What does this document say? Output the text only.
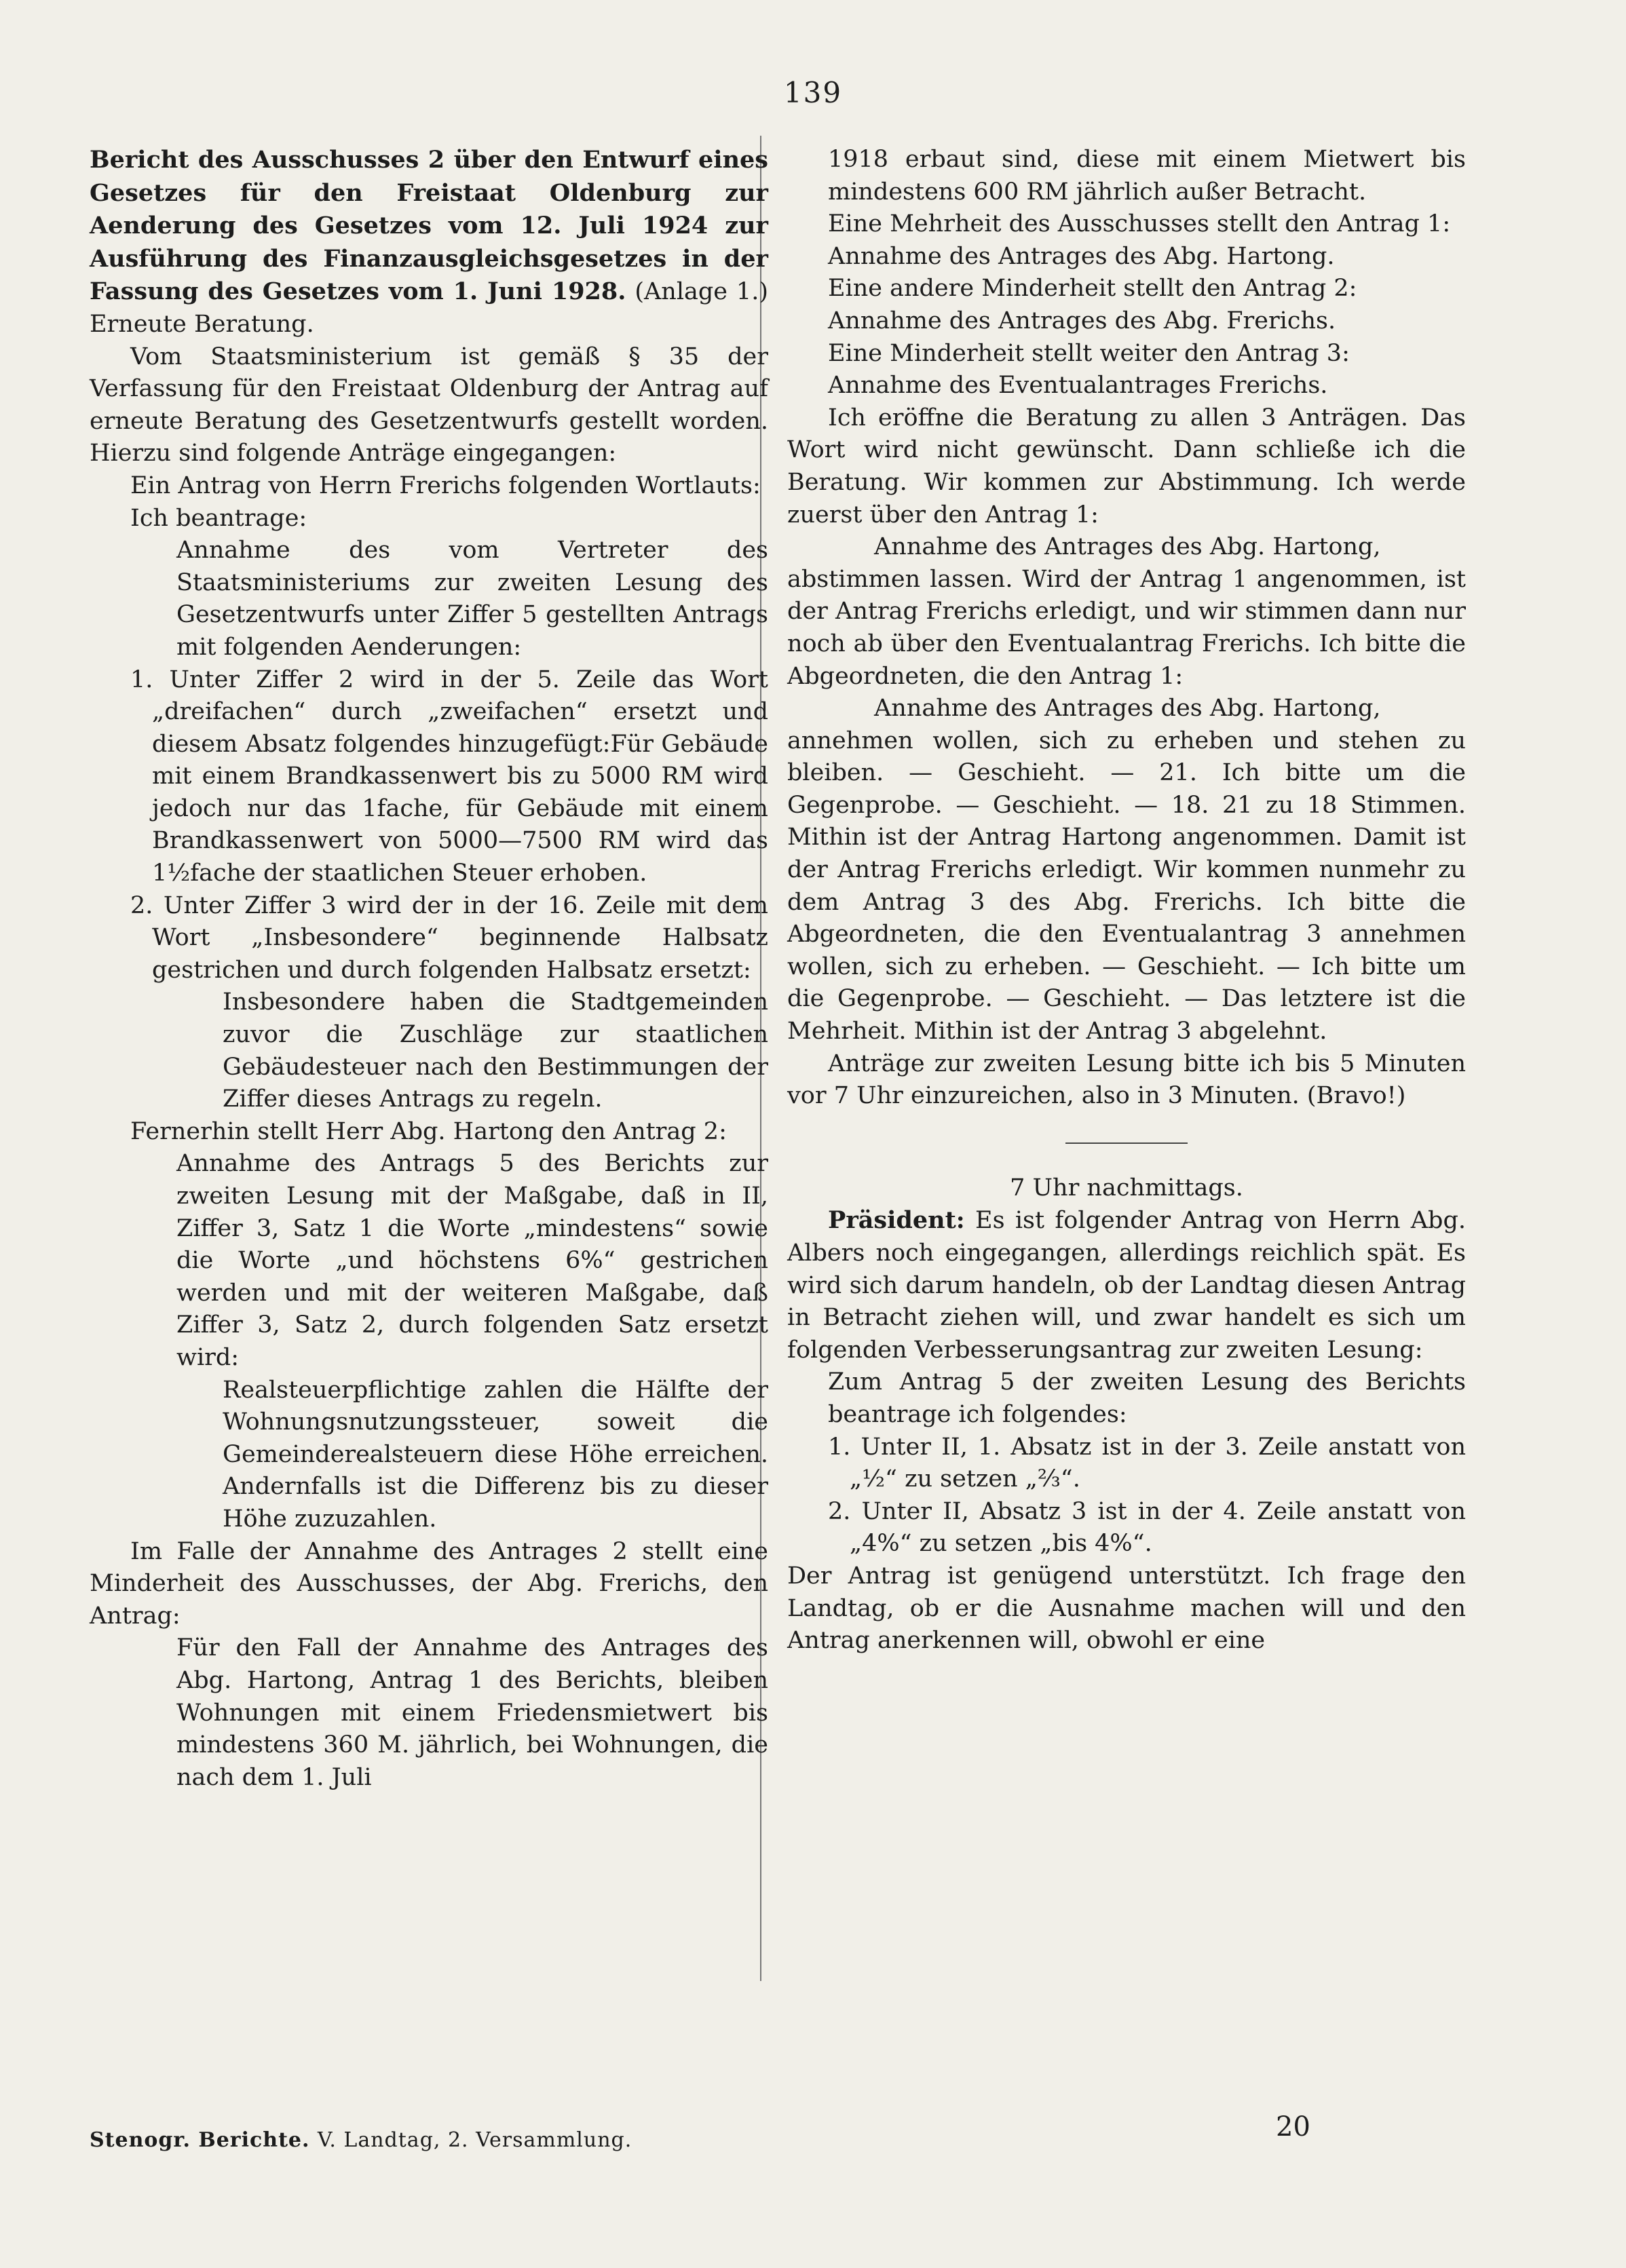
139

Bericht des Ausschusses 2 über den Entwurf eines Gesetzes für den Freistaat Oldenburg zur Aenderung des Gesetzes vom 12. Juli 1924 zur Ausführung des Finanzausgleichsgesetzes in der Fassung des Gesetzes vom 1. Juni 1928. (Anlage 1.) Erneute Beratung.

Vom Staatsministerium ist gemäß § 35 der Verfassung für den Freistaat Oldenburg der Antrag auf erneute Beratung des Gesetzentwurfs gestellt worden. Hierzu sind folgende Anträge eingegangen:

Ein Antrag von Herrn Frerichs folgenden Wortlauts:

Ich beantrage:

Annahme des vom Vertreter des Staatsministeriums zur zweiten Lesung des Gesetzentwurfs unter Ziffer 5 gestellten Antrags mit folgenden Aenderungen:

1. Unter Ziffer 2 wird in der 5. Zeile das Wort „dreifachen“ durch „zweifachen“ ersetzt und diesem Absatz folgendes hinzugefügt:Für Gebäude mit einem Brandkassenwert bis zu 5000 RM wird jedoch nur das 1fache, für Gebäude mit einem Brandkassenwert von 5000—7500 RM wird das 1½fache der staatlichen Steuer erhoben.

2. Unter Ziffer 3 wird der in der 16. Zeile mit dem Wort „Insbesondere“ beginnende Halbsatz gestrichen und durch folgenden Halbsatz ersetzt:

Insbesondere haben die Stadtgemeinden zuvor die Zuschläge zur staatlichen Gebäudesteuer nach den Bestimmungen der Ziffer dieses Antrags zu regeln.

Fernerhin stellt Herr Abg. Hartong den Antrag 2:

Annahme des Antrags 5 des Berichts zur zweiten Lesung mit der Maßgabe, daß in II, Ziffer 3, Satz 1 die Worte „mindestens“ sowie die Worte „und höchstens 6%“ gestrichen werden und mit der weiteren Maßgabe, daß Ziffer 3, Satz 2, durch folgenden Satz ersetzt wird:

Realsteuerpflichtige zahlen die Hälfte der Wohnungsnutzungssteuer, soweit die Gemeinderealsteuern diese Höhe erreichen. Andernfalls ist die Differenz bis zu dieser Höhe zuzuzahlen.

Im Falle der Annahme des Antrages 2 stellt eine Minderheit des Ausschusses, der Abg. Frerichs, den Antrag:

Für den Fall der Annahme des Antrages des Abg. Hartong, Antrag 1 des Berichts, bleiben Wohnungen mit einem Friedensmietwert bis mindestens 360 M. jährlich, bei Wohnungen, die nach dem 1. Juli

1918 erbaut sind, diese mit einem Mietwert bis mindestens 600 RM jährlich außer Betracht.

Eine Mehrheit des Ausschusses stellt den Antrag 1:

Annahme des Antrages des Abg. Hartong.

Eine andere Minderheit stellt den Antrag 2:

Annahme des Antrages des Abg. Frerichs.

Eine Minderheit stellt weiter den Antrag 3:

Annahme des Eventualantrages Frerichs.

Ich eröffne die Beratung zu allen 3 Anträgen. Das Wort wird nicht gewünscht. Dann schließe ich die Beratung. Wir kommen zur Abstimmung. Ich werde zuerst über den Antrag 1:

Annahme des Antrages des Abg. Hartong,

abstimmen lassen. Wird der Antrag 1 angenommen, ist der Antrag Frerichs erledigt, und wir stimmen dann nur noch ab über den Eventualantrag Frerichs. Ich bitte die Abgeordneten, die den Antrag 1:

Annahme des Antrages des Abg. Hartong,

annehmen wollen, sich zu erheben und stehen zu bleiben. — Geschieht. — 21. Ich bitte um die Gegenprobe. — Geschieht. — 18. 21 zu 18 Stimmen. Mithin ist der Antrag Hartong angenommen. Damit ist der Antrag Frerichs erledigt. Wir kommen nunmehr zu dem Antrag 3 des Abg. Frerichs. Ich bitte die Abgeordneten, die den Eventualantrag 3 annehmen wollen, sich zu erheben. — Geschieht. — Ich bitte um die Gegenprobe. — Geschieht. — Das letztere ist die Mehrheit. Mithin ist der Antrag 3 abgelehnt.

Anträge zur zweiten Lesung bitte ich bis 5 Minuten vor 7 Uhr einzureichen, also in 3 Minuten. (Bravo!)

7 Uhr nachmittags.

Präsident: Es ist folgender Antrag von Herrn Abg. Albers noch eingegangen, allerdings reichlich spät. Es wird sich darum handeln, ob der Landtag diesen Antrag in Betracht ziehen will, und zwar handelt es sich um folgenden Verbesserungsantrag zur zweiten Lesung:

Zum Antrag 5 der zweiten Lesung des Berichts beantrage ich folgendes:

1. Unter II, 1. Absatz ist in der 3. Zeile anstatt von „½“ zu setzen „⅔“.

2. Unter II, Absatz 3 ist in der 4. Zeile anstatt von „4%“ zu setzen „bis 4%“.

Der Antrag ist genügend unterstützt. Ich frage den Landtag, ob er die Ausnahme machen will und den Antrag anerkennen will, obwohl er eine

Stenogr. Berichte. V. Landtag, 2. Versammlung.	20
